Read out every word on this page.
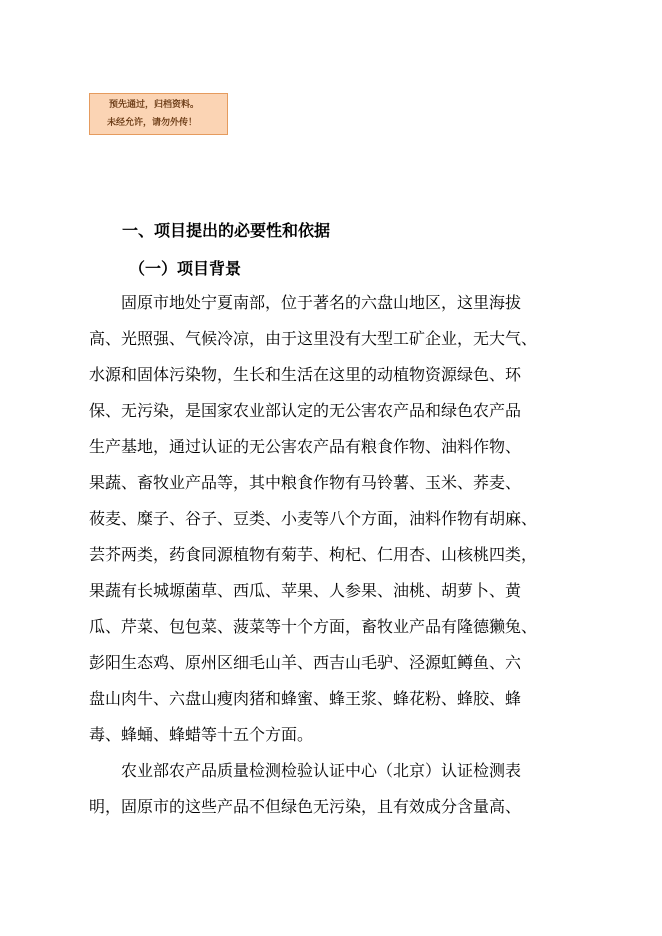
预先通过，归档资料。
未经允许，请勿外传！
一、项目提出的必要性和依据
（一）项目背景
固原市地处宁夏南部，位于著名的六盘山地区，这里海拔
高、光照强、气候冷凉，由于这里没有大型工矿企业，无大气、
水源和固体污染物，生长和生活在这里的动植物资源绿色、环
保、无污染，是国家农业部认定的无公害农产品和绿色农产品
生产基地，通过认证的无公害农产品有粮食作物、油料作物、
果蔬、畜牧业产品等，其中粮食作物有马铃薯、玉米、荞麦、
莜麦、糜子、谷子、豆类、小麦等八个方面，油料作物有胡麻、
芸芥两类，药食同源植物有菊芋、枸杞、仁用杏、山核桃四类，
果蔬有长城塬菌草、西瓜、苹果、人参果、油桃、胡萝卜、黄
瓜、芹菜、包包菜、菠菜等十个方面，畜牧业产品有隆德獭兔、
彭阳生态鸡、原州区细毛山羊、西吉山毛驴、泾源虹鳟鱼、六
盘山肉牛、六盘山瘦肉猪和蜂蜜、蜂王浆、蜂花粉、蜂胶、蜂
毒、蜂蛹、蜂蜡等十五个方面。
农业部农产品质量检测检验认证中心（北京）认证检测表
明，固原市的这些产品不但绿色无污染，且有效成分含量高、
